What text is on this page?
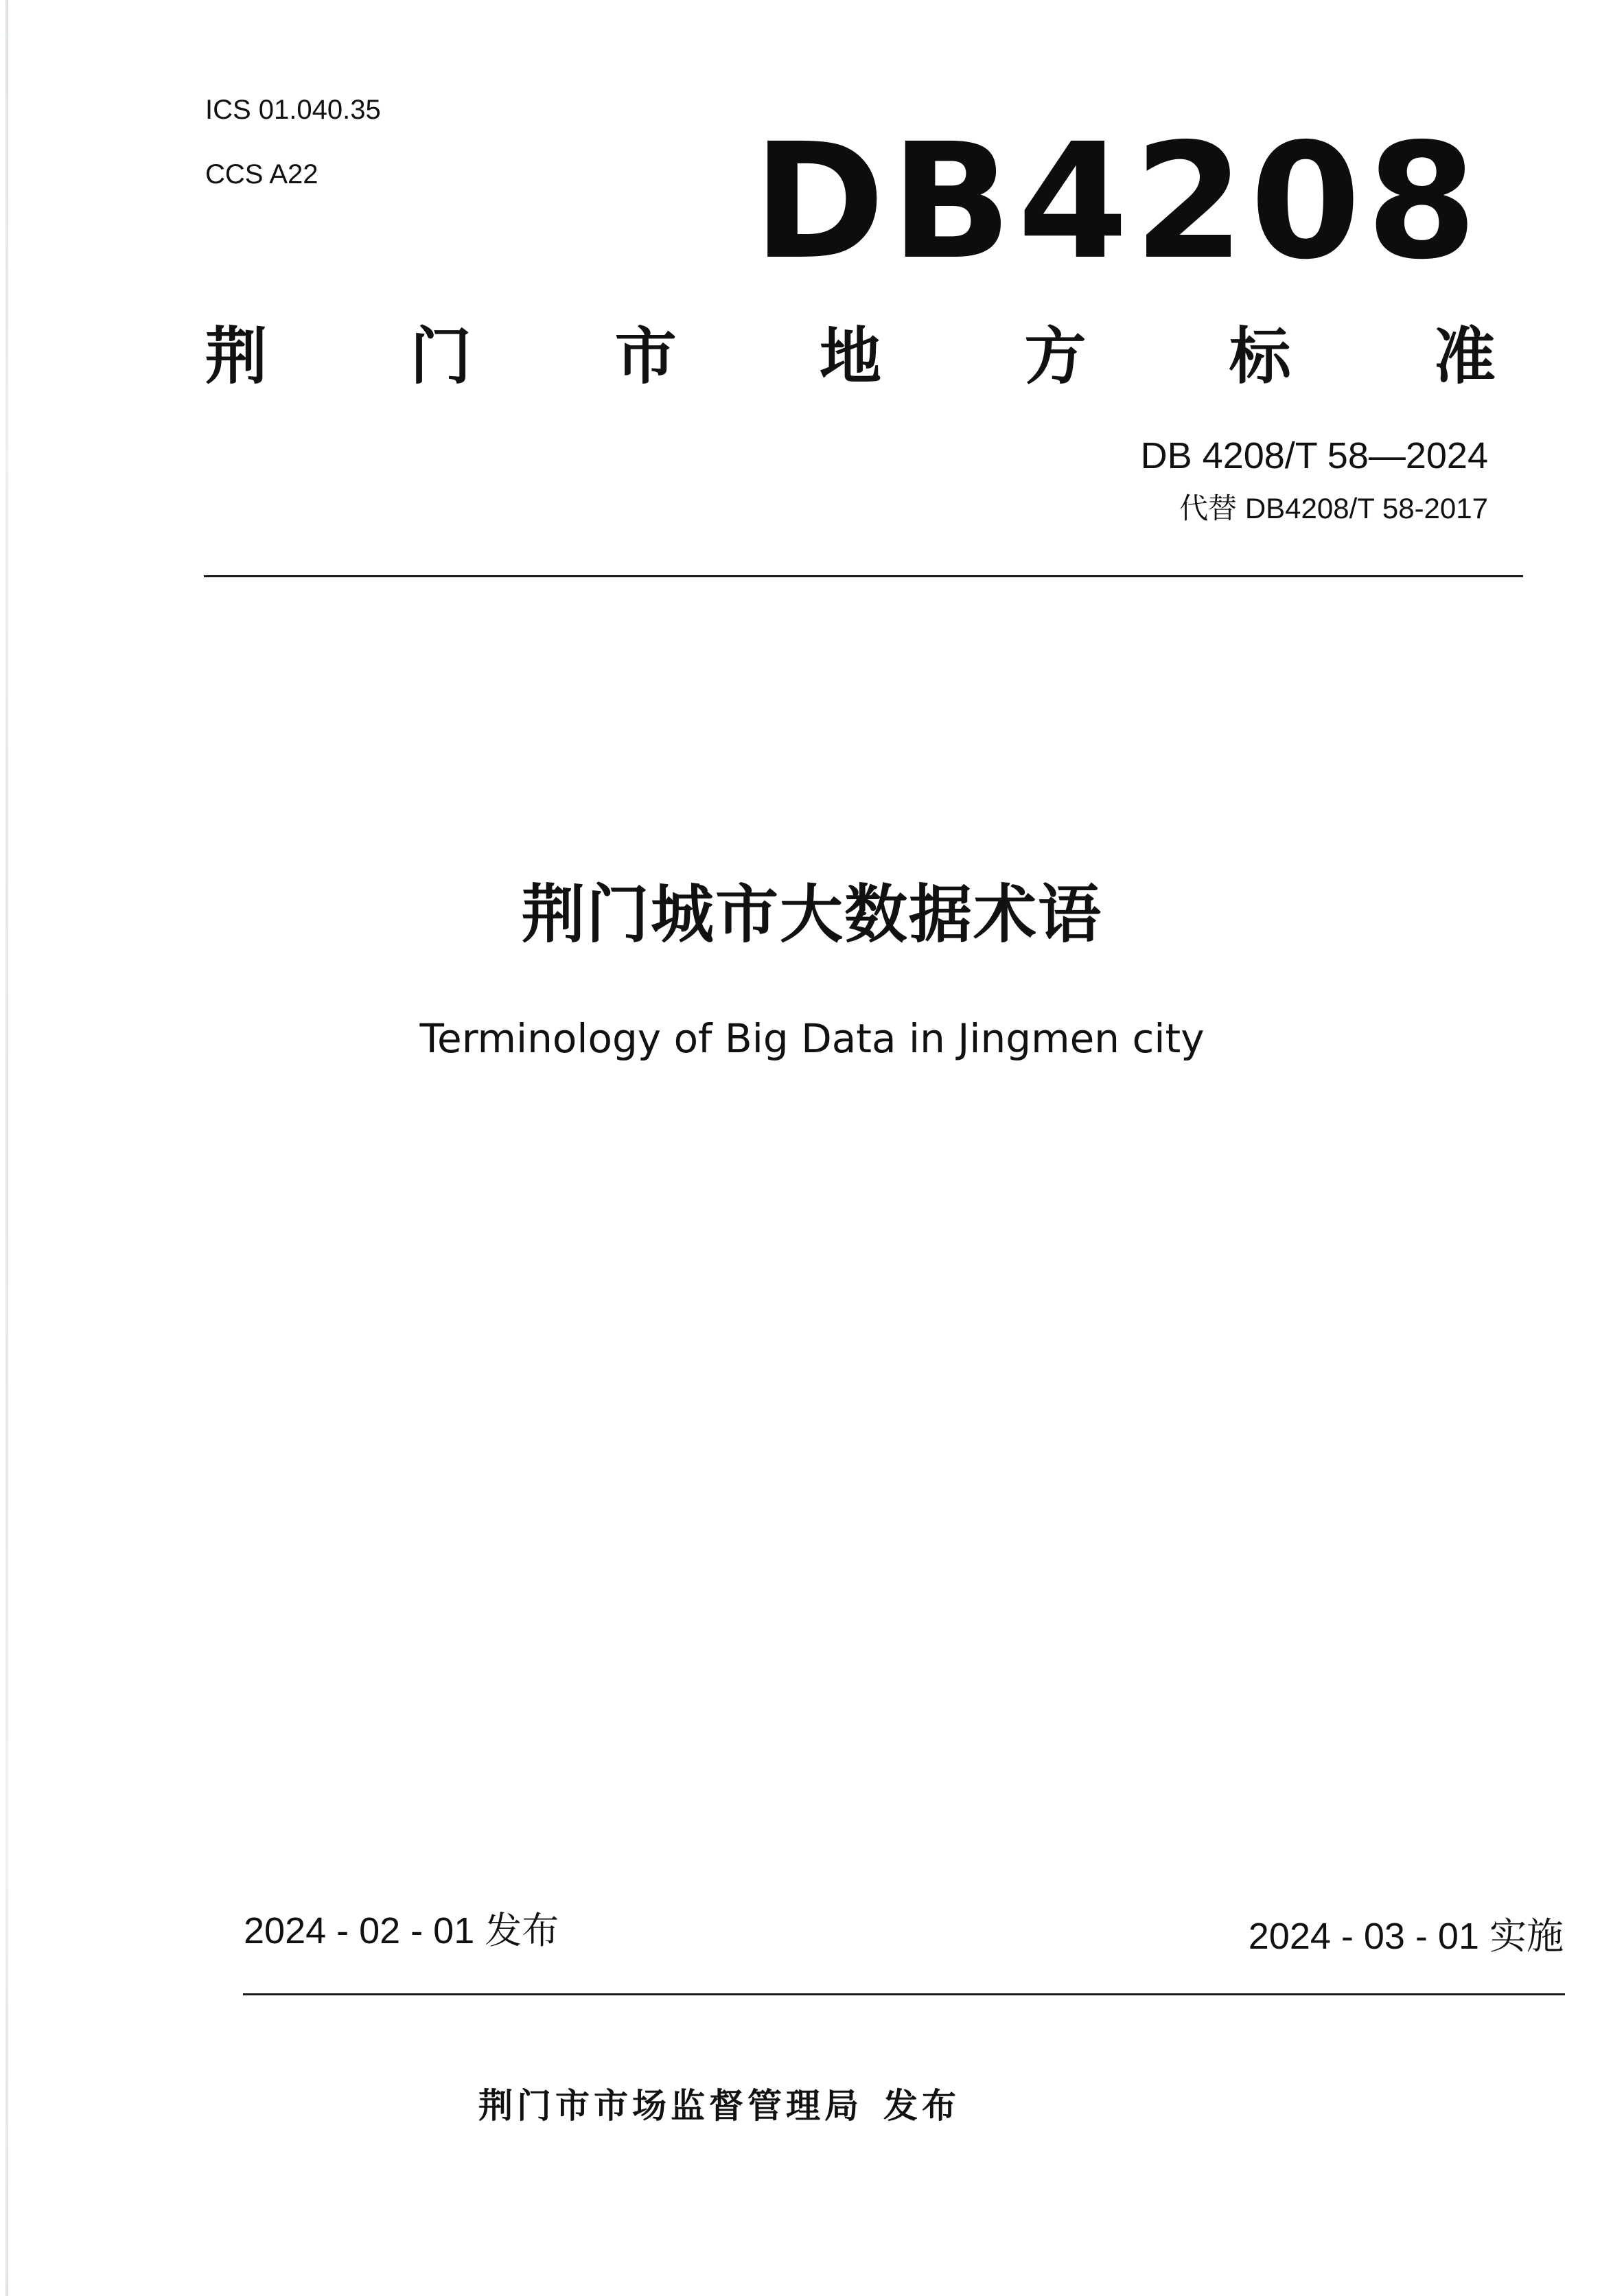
ICS 01.040.35
CCS A22	DB4208
荆 门 市 地 方 标 准
DB 4208/T 58—2024
代替 DB4208/T 58-2017
荆门城市大数据术语
Terminology of Big Data in Jingmen city
2024 - 02 - 01 发布	2024 - 03 - 01 实施
荆门市市场监督管理局 发布
